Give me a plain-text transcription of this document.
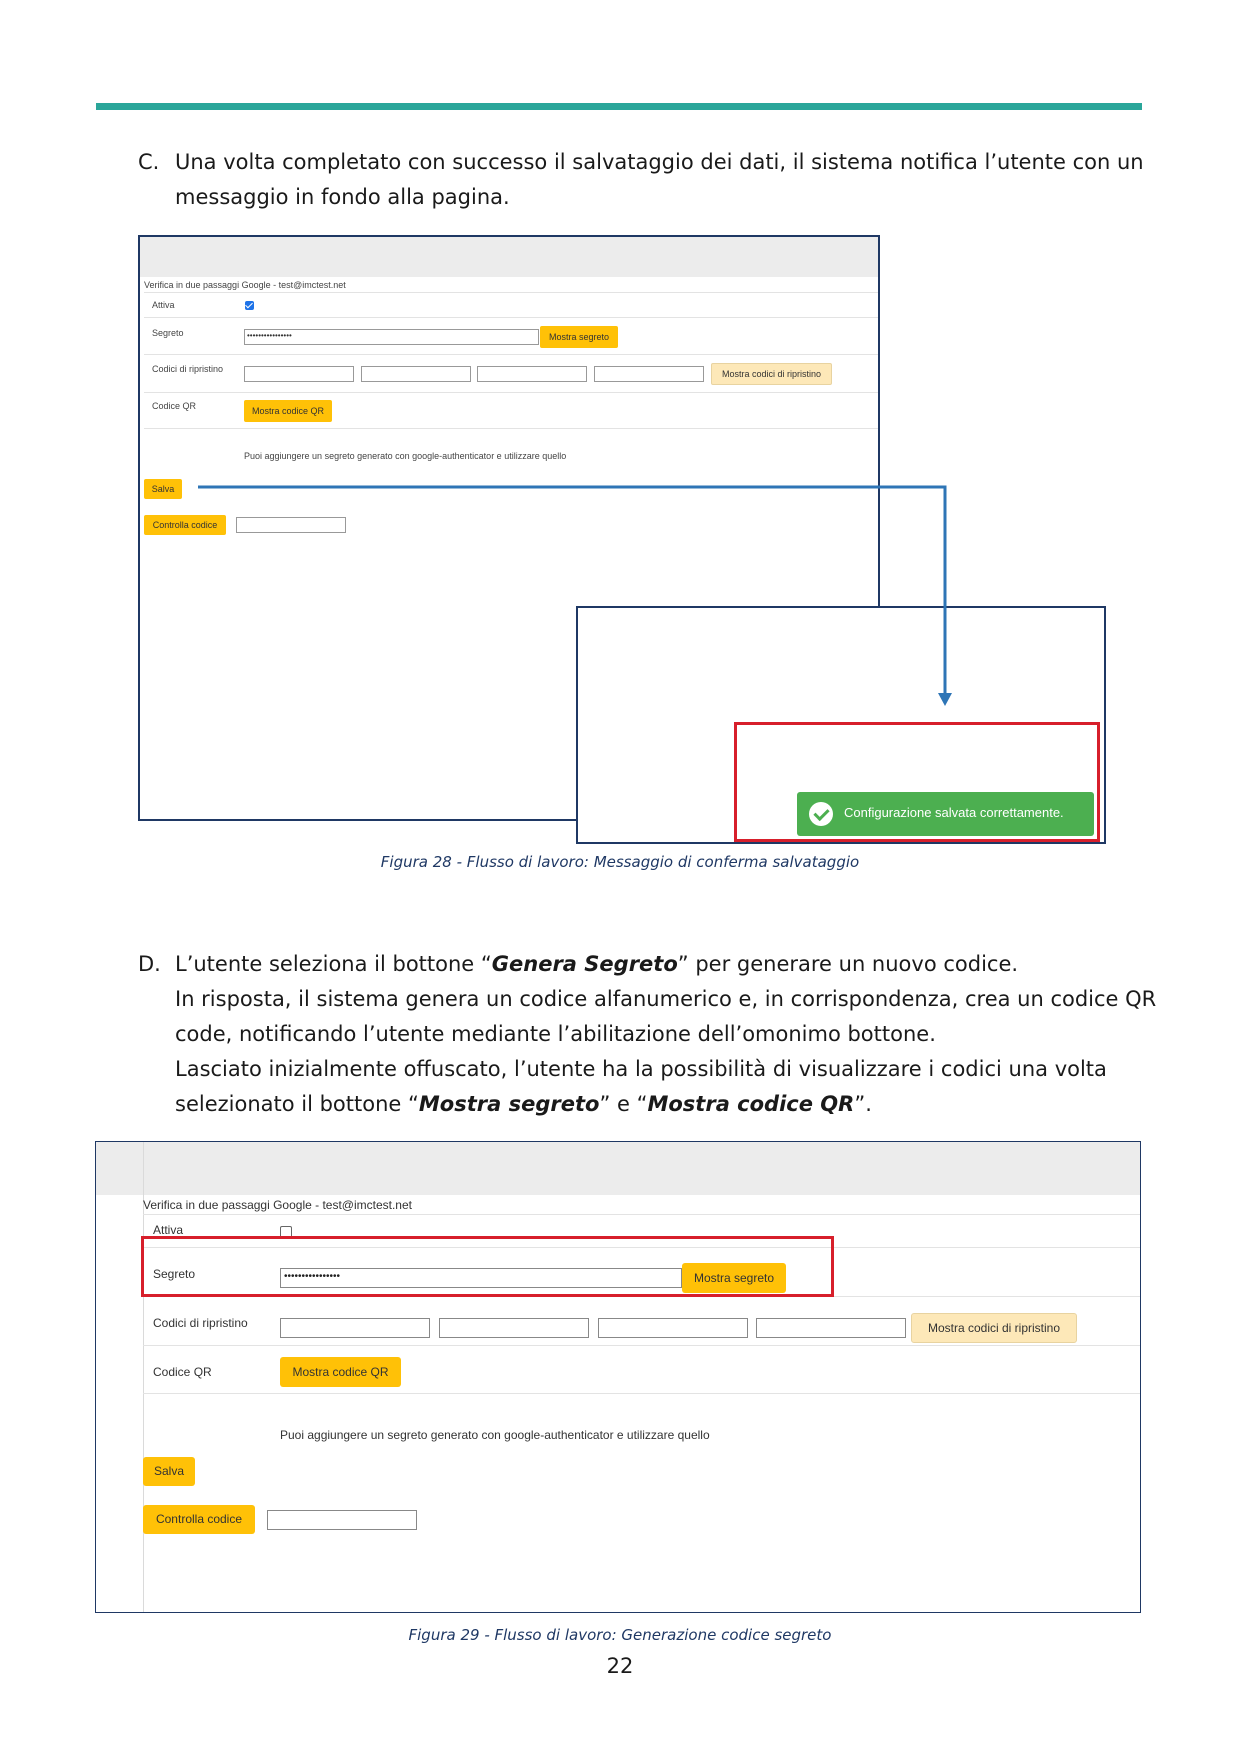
C. Una volta completato con successo il salvataggio dei dati, il sistema notifica l’utente con un
messaggio in fondo alla pagina.
Verifica in due passaggi Google - test@imctest.net
Attiva
Segreto	••••••••••••••••	Mostra segreto
Codici di ripristino	Mostra codici di ripristino
Codice QR	Mostra codice QR
Puoi aggiungere un segreto generato con google-authenticator e utilizzare quello
Salva
Controlla codice
Configurazione salvata correttamente.
Figura 28 - Flusso di lavoro: Messaggio di conferma salvataggio
D. L’utente seleziona il bottone “Genera Segreto” per generare un nuovo codice.
In risposta, il sistema genera un codice alfanumerico e, in corrispondenza, crea un codice QR
code, notificando l’utente mediante l’abilitazione dell’omonimo bottone.
Lasciato inizialmente offuscato, l’utente ha la possibilità di visualizzare i codici una volta
selezionato il bottone “Mostra segreto” e “Mostra codice QR”.
Verifica in due passaggi Google - test@imctest.net
Attiva
Segreto	••••••••••••••••	Mostra segreto
Codici di ripristino	Mostra codici di ripristino
Codice QR	Mostra codice QR
Puoi aggiungere un segreto generato con google-authenticator e utilizzare quello
Salva
Controlla codice
Figura 29 - Flusso di lavoro: Generazione codice segreto
22
